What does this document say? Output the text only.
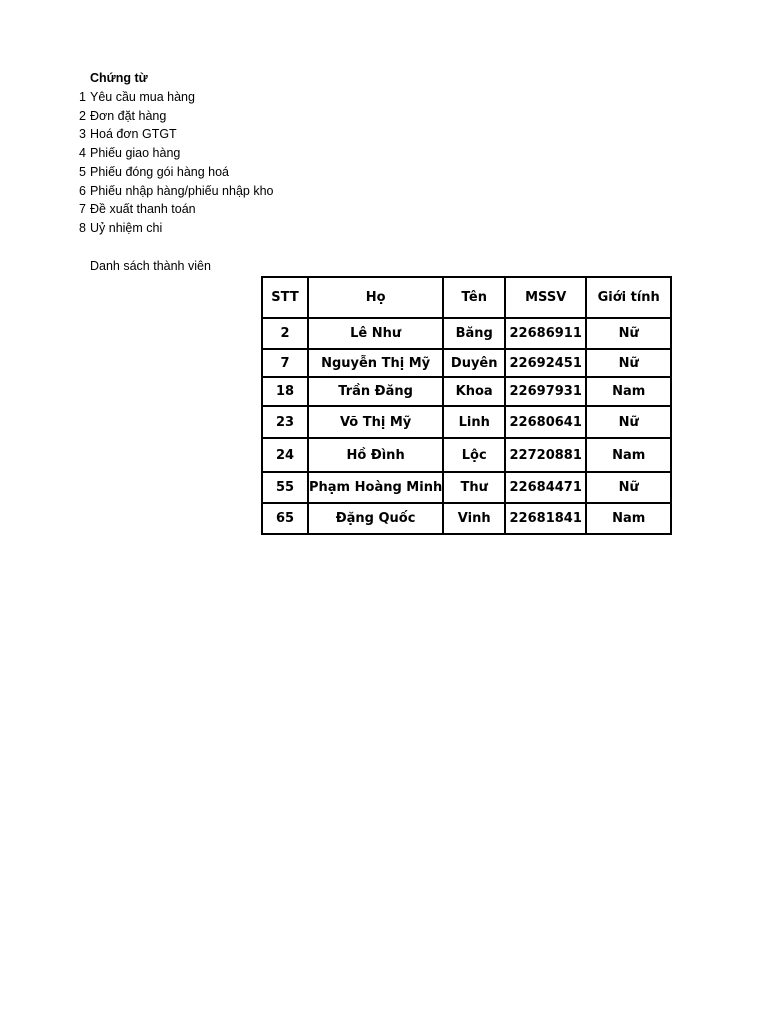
Chứng từ
1 Yêu cầu mua hàng
2 Đơn đặt hàng
3 Hoá đơn GTGT
4 Phiếu giao hàng
5 Phiếu đóng gói hàng hoá
6 Phiếu nhập hàng/phiếu nhập kho
7 Đề xuất thanh toán
8 Uỷ nhiệm chi
Danh sách thành viên
STT	Họ	Tên	MSSV	Giới tính
2	Lê Như	Băng	22686911	Nữ
7	Nguyễn Thị Mỹ	Duyên	22692451	Nữ
18	Trần Đăng	Khoa	22697931	Nam
23	Võ Thị Mỹ	Linh	22680641	Nữ
24	Hồ Đình	Lộc	22720881	Nam
55	Phạm Hoàng Minh	Thư	22684471	Nữ
65	Đặng Quốc	Vinh	22681841	Nam
